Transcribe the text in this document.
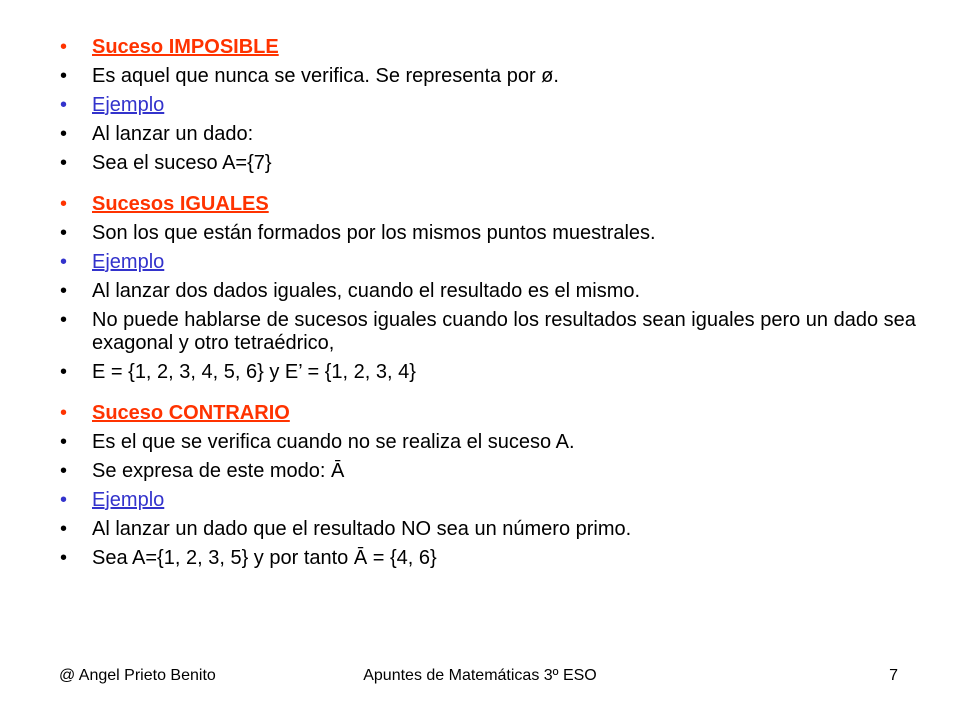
• Suceso IMPOSIBLE
• Es aquel que nunca se verifica. Se representa por ø.
• Ejemplo
• Al lanzar un dado:
• Sea el suceso A={7}
• Sucesos IGUALES
• Son los que están formados por los mismos puntos muestrales.
• Ejemplo
• Al lanzar dos dados iguales, cuando el resultado es el mismo.
• No puede hablarse de sucesos iguales cuando los resultados sean iguales pero un dado sea exagonal y otro tetraédrico,
• E = {1, 2, 3, 4, 5, 6} y E’ = {1, 2, 3, 4}
• Suceso CONTRARIO
• Es el que se verifica cuando no se realiza el suceso A.
• Se expresa de este modo: Ā
• Ejemplo
• Al lanzar un dado que el resultado NO sea un número primo.
• Sea A={1, 2, 3, 5} y por tanto Ā = {4, 6}
@ Angel Prieto Benito	Apuntes de Matemáticas 3º ESO	7
